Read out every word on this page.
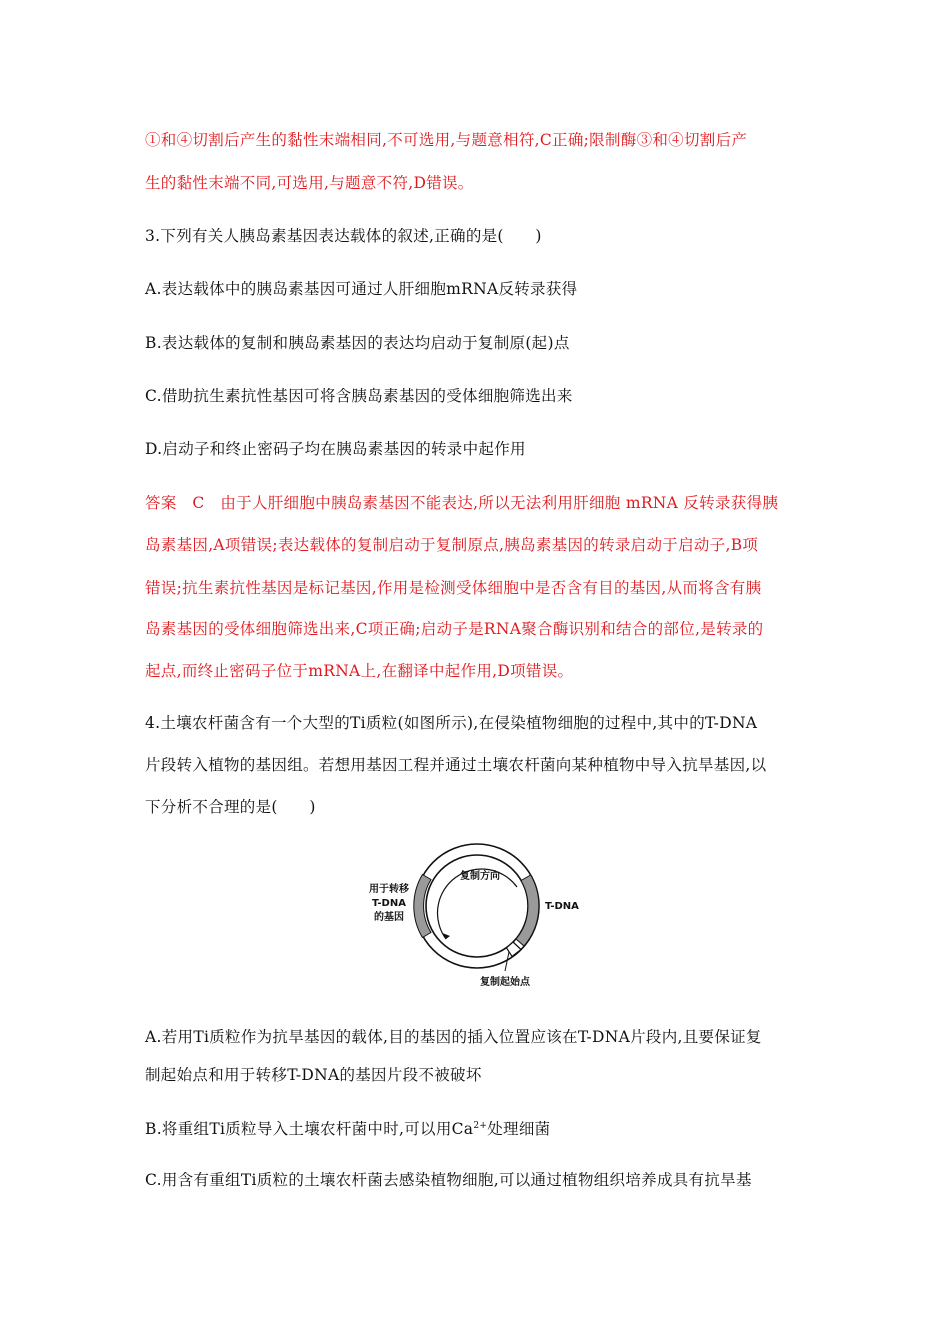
①和④切割后产生的黏性末端相同,不可选用,与题意相符,C正确;限制酶③和④切割后产
生的黏性末端不同,可选用,与题意不符,D错误。
3.下列有关人胰岛素基因表达载体的叙述,正确的是(　　)
A.表达载体中的胰岛素基因可通过人肝细胞mRNA反转录获得
B.表达载体的复制和胰岛素基因的表达均启动于复制原(起)点
C.借助抗生素抗性基因可将含胰岛素基因的受体细胞筛选出来
D.启动子和终止密码子均在胰岛素基因的转录中起作用
答案　C　由于人肝细胞中胰岛素基因不能表达,所以无法利用肝细胞 mRNA 反转录获得胰
岛素基因,A项错误;表达载体的复制启动于复制原点,胰岛素基因的转录启动于启动子,B项
错误;抗生素抗性基因是标记基因,作用是检测受体细胞中是否含有目的基因,从而将含有胰
岛素基因的受体细胞筛选出来,C项正确;启动子是RNA聚合酶识别和结合的部位,是转录的
起点,而终止密码子位于mRNA上,在翻译中起作用,D项错误。
4.土壤农杆菌含有一个大型的Ti质粒(如图所示),在侵染植物细胞的过程中,其中的T-DNA
片段转入植物的基因组。若想用基因工程并通过土壤农杆菌向某种植物中导入抗旱基因,以
下分析不合理的是(　　)
用于转移
T-DNA
的基因
复制方向
T-DNA
复制起始点
A.若用Ti质粒作为抗旱基因的载体,目的基因的插入位置应该在T-DNA片段内,且要保证复
制起始点和用于转移T-DNA的基因片段不被破坏
B.将重组Ti质粒导入土壤农杆菌中时,可以用$Ca^{2+}$处理细菌
C.用含有重组Ti质粒的土壤农杆菌去感染植物细胞,可以通过植物组织培养成具有抗旱基
